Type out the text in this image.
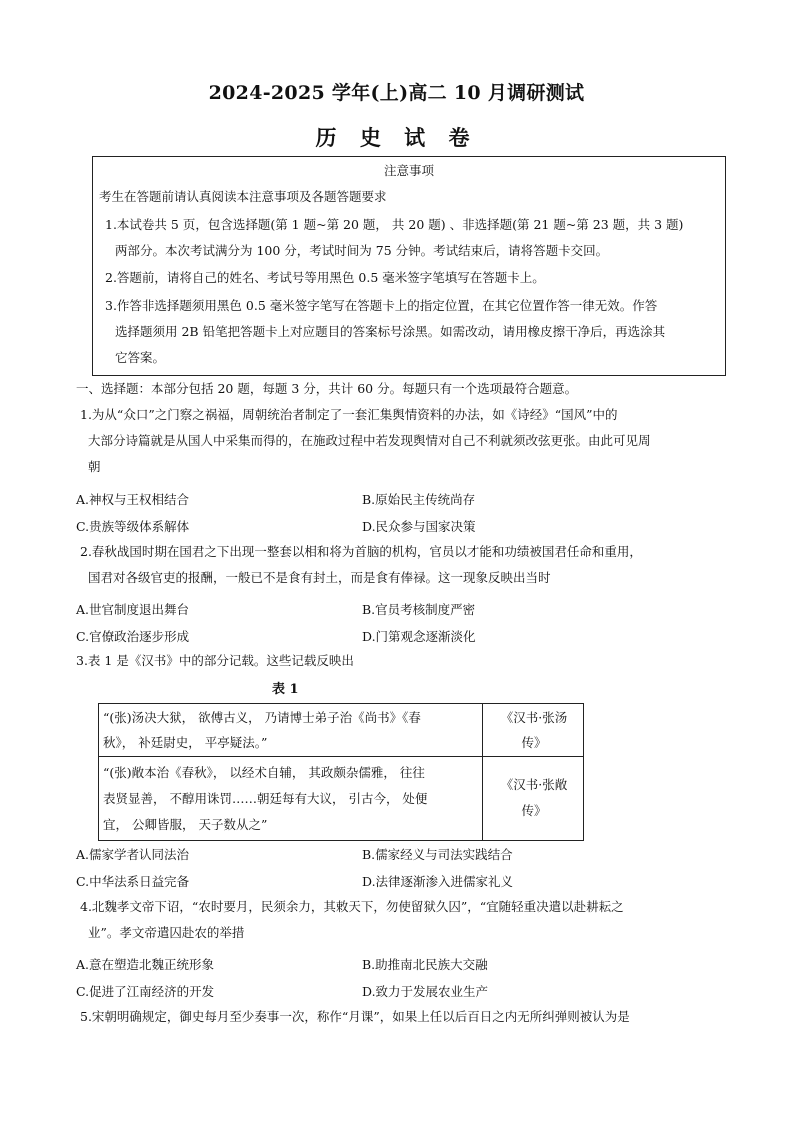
2024-2025 学年(上)高二 10 月调研测试
历 史 试 卷
注意事项
考生在答题前请认真阅读本注意事项及各题答题要求
1.本试卷共 5 页，包含选择题(第 1 题~第 20 题， 共 20 题) 、非选择题(第 21 题~第 23 题，共 3 题)
两部分。本次考试满分为 100 分，考试时间为 75 分钟。考试结束后，请将答题卡交回。
2.答题前，请将自己的姓名、考试号等用黑色 0.5 毫米签字笔填写在答题卡上。
3.作答非选择题须用黑色 0.5 毫米签字笔写在答题卡上的指定位置，在其它位置作答一律无效。作答
选择题须用 2B 铅笔把答题卡上对应题目的答案标号涂黑。如需改动，请用橡皮擦干净后，再选涂其
它答案。
一、选择题：本部分包括 20 题，每题 3 分，共计 60 分。每题只有一个选项最符合题意。
1.为从“众口”之门察之祸福，周朝统治者制定了一套汇集舆情资料的办法，如《诗经》“国风”中的
大部分诗篇就是从国人中采集而得的，在施政过程中若发现舆情对自己不利就须改弦更张。由此可见周
朝
A.神权与王权相结合	B.原始民主传统尚存
C.贵族等级体系解体	D.民众参与国家决策
2.春秋战国时期在国君之下出现一整套以相和将为首脑的机构，官员以才能和功绩被国君任命和重用，
国君对各级官吏的报酬，一般已不是食有封土，而是食有俸禄。这一现象反映出当时
A.世官制度退出舞台	B.官员考核制度严密
C.官僚政治逐步形成	D.门第观念逐渐淡化
3.表 1 是《汉书》中的部分记载。这些记载反映出
表 1
“(张)汤决大狱， 欲傅古义， 乃请博士弟子治《尚书》《春
秋》， 补廷尉史， 平亭疑法。”
《汉书·张汤
传》
“(张)敞本治《春秋》， 以经术自辅， 其政颇杂儒雅， 往往
表贤显善， 不醇用诛罚……朝廷每有大议， 引古今， 处便
宜， 公卿皆服， 天子数从之”
《汉书·张敞
传》
A.儒家学者认同法治	B.儒家经义与司法实践结合
C.中华法系日益完备	D.法律逐渐渗入进儒家礼义
4.北魏孝文帝下诏，“农时要月，民须余力，其敕天下，勿使留狱久囚”，“宜随轻重决遣以赴耕耘之
业”。孝文帝遣囚赴农的举措
A.意在塑造北魏正统形象	B.助推南北民族大交融
C.促进了江南经济的开发	D.致力于发展农业生产
5.宋朝明确规定，御史每月至少奏事一次，称作“月课”，如果上任以后百日之内无所纠弹则被认为是
